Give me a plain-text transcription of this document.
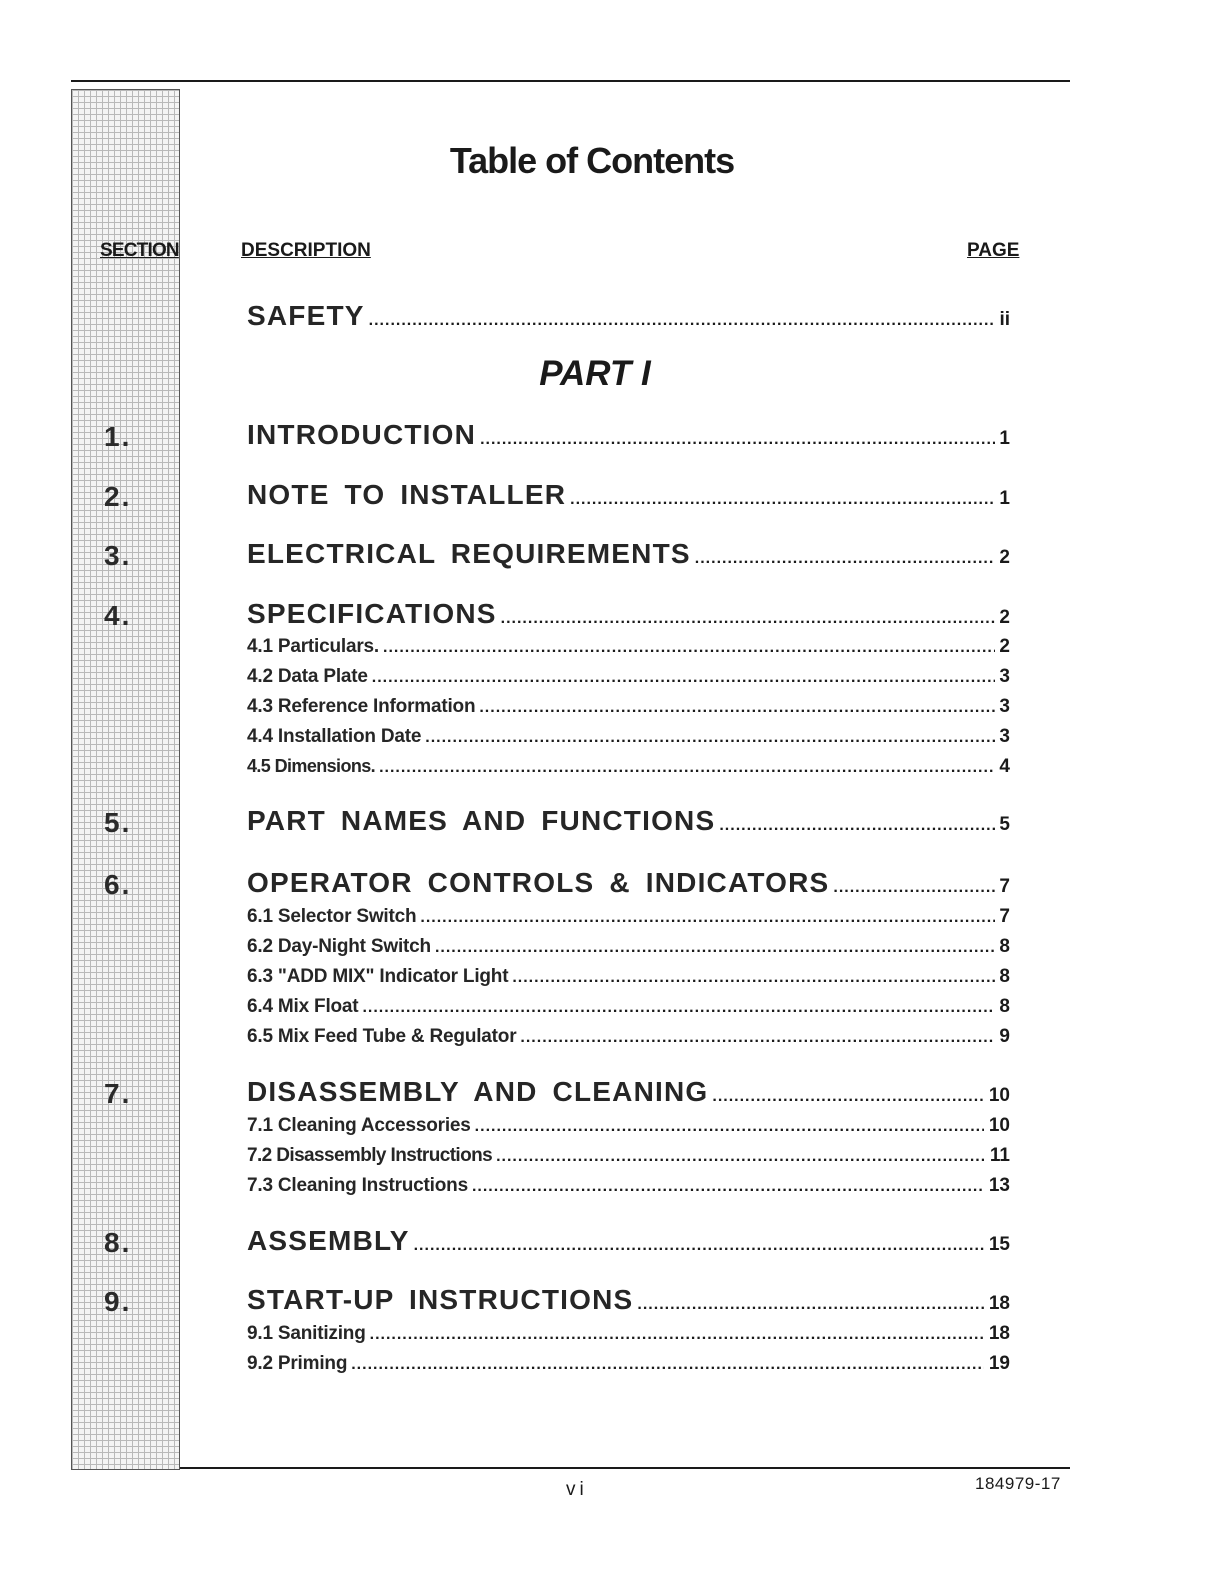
Table of Contents
SECTION	DESCRIPTION	PAGE
SAFETY .....	ii
PART I
1.	INTRODUCTION .....	1
2.	NOTE TO INSTALLER .....	1
3.	ELECTRICAL REQUIREMENTS .....	2
4.	SPECIFICATIONS .....	2
4.1 Particulars. .....	2
4.2 Data Plate .....	3
4.3 Reference Information .....	3
4.4 Installation Date .....	3
4.5 Dimensions. .....	4
5.	PART NAMES AND FUNCTIONS .....	5
6.	OPERATOR CONTROLS & INDICATORS .....	7
6.1 Selector Switch .....	7
6.2 Day-Night Switch .....	8
6.3 "ADD MIX" Indicator Light .....	8
6.4 Mix Float .....	8
6.5 Mix Feed Tube & Regulator .....	9
7.	DISASSEMBLY AND CLEANING .....	10
7.1 Cleaning Accessories .....	10
7.2 Disassembly Instructions .....	11
7.3 Cleaning Instructions .....	13
8.	ASSEMBLY .....	15
9.	START-UP INSTRUCTIONS .....	18
9.1 Sanitizing .....	18
9.2 Priming .....	19
vi	184979-17
